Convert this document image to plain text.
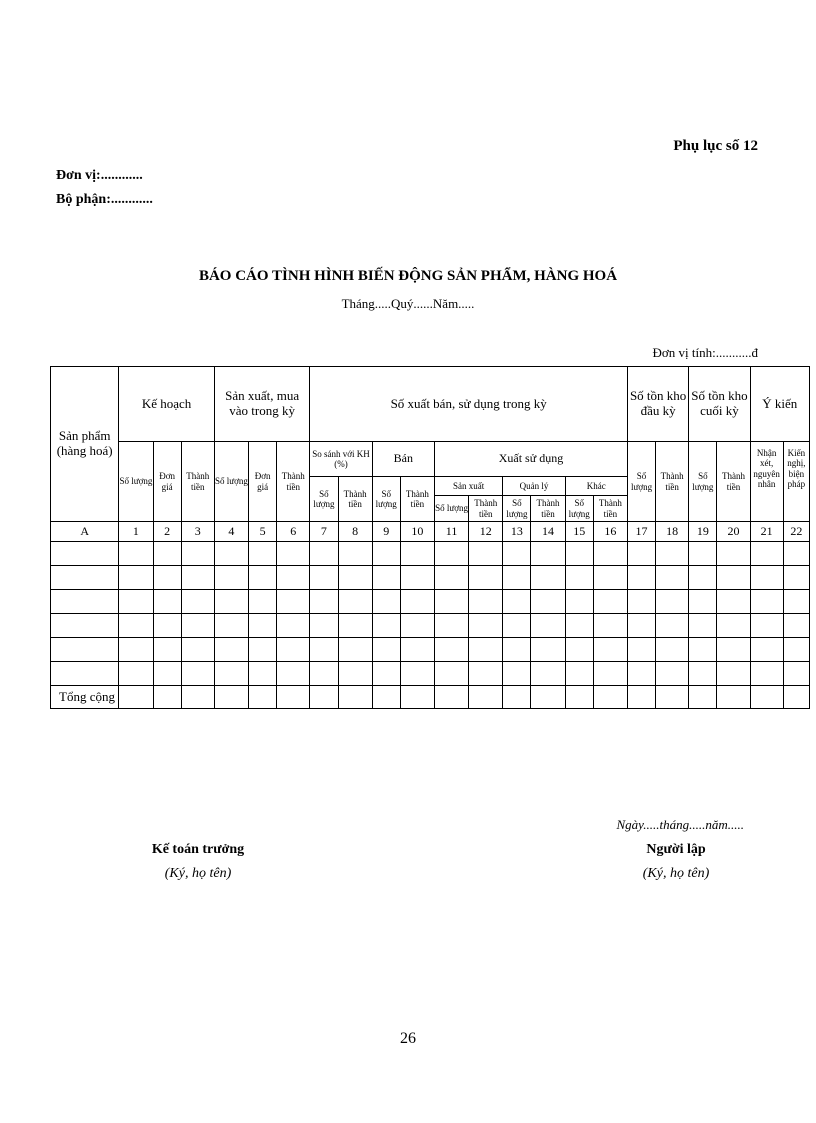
Phụ lục số 12
Đơn vị:............
Bộ phận:............
BÁO CÁO TÌNH HÌNH BIẾN ĐỘNG SẢN PHẨM, HÀNG HOÁ
Tháng.....Quý......Năm.....
Đơn vị tính:...........đ
Sản phẩm (hàng hoá)	Kế hoạch			Sản xuất, mua vào trong kỳ			Số xuất bán, sử dụng trong kỳ										Số tồn kho đầu kỳ		Số tồn kho cuối kỳ		Ý kiến	
	Số lượng	Đơn giá	Thành tiền	Số lượng	Đơn giá	Thành tiền	So sánh với KH (%)		Bán		Xuất sử dụng						Số lượng	Thành tiền	Số lượng	Thành tiền	Nhận xét, nguyên nhân	Kiến nghị, biện pháp
							Số lượng	Thành tiền	Số lượng	Thành tiền	Sản xuất		Quản lý		Khác							
											Số lượng	Thành tiền	Số lượng	Thành tiền	Số lượng	Thành tiền						
A	1	2	3	4	5	6	7	8	9	10	11	12	13	14	15	16	17	18	19	20	21	22

Tổng cộng																						
Ngày.....tháng.....năm.....
Kế toán trưởng
(Ký, họ tên)
Người lập
(Ký, họ tên)
26
